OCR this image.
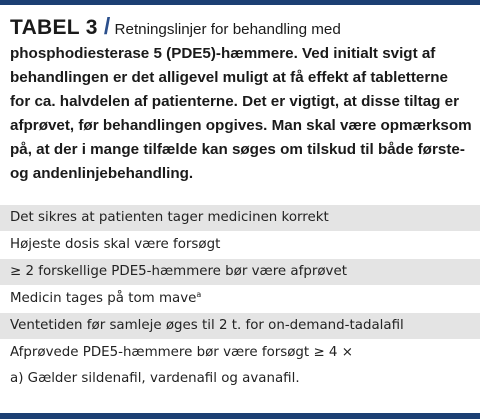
TABEL 3 / Retningslinjer for behandling med phosphodiesterase 5 (PDE5)-hæmmere. Ved initialt svigt af behandlingen er det alligevel muligt at få effekt af tabletterne for ca. halvdelen af patienterne. Det er vigtigt, at disse tiltag er afprøvet, før behandlingen opgives. Man skal være opmærksom på, at der i mange tilfælde kan søges om tilskud til både første- og andenlinjebehandling.
Det sikres at patienten tager medicinen korrekt
Højeste dosis skal være forsøgt
≥ 2 forskellige PDE5-hæmmere bør være afprøvet
Medicin tages på tom mave$^a$
Ventetiden før samleje øges til 2 t. for on-demand-tadalafil
Afprøvede PDE5-hæmmere bør være forsøgt ≥ 4 ×
a) Gælder sildenafil, vardenafil og avanafil.
